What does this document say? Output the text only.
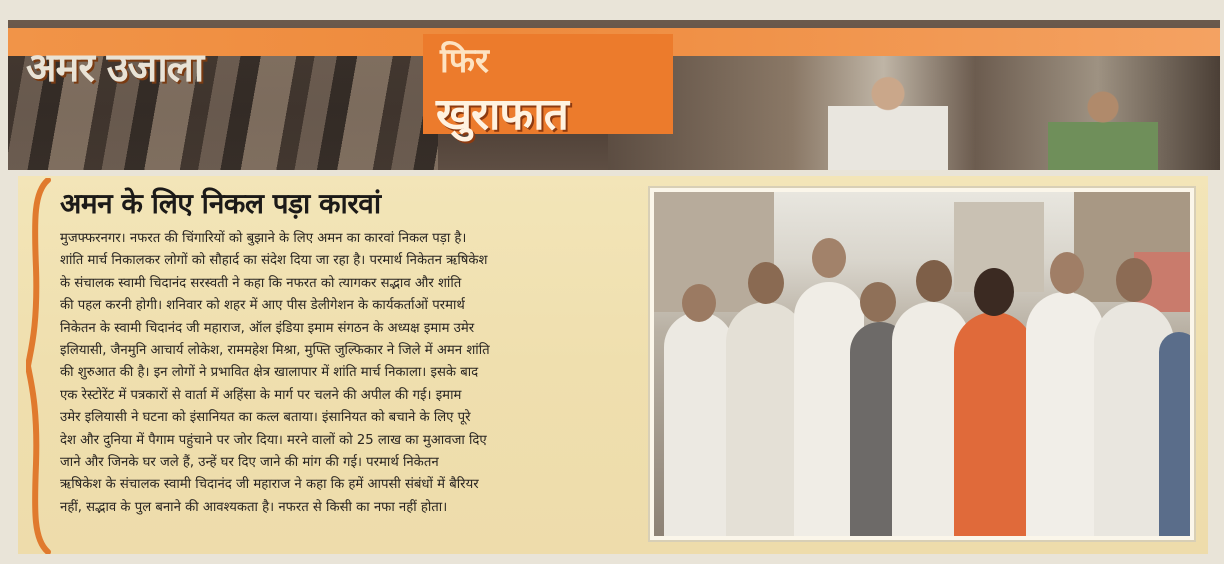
अमर उजाला	फिर
खुराफात
अमन के लिए निकल पड़ा कारवां
मुजफ्फरनगर। नफरत की चिंगारियों को बुझाने के लिए अमन का कारवां निकल पड़ा है।
शांति मार्च निकालकर लोगों को सौहार्द का संदेश दिया जा रहा है। परमार्थ निकेतन ऋषिकेश
के संचालक स्वामी चिदानंद सरस्वती ने कहा कि नफरत को त्यागकर सद्भाव और शांति
की पहल करनी होगी। शनिवार को शहर में आए पीस डेलीगेशन के कार्यकर्ताओं परमार्थ
निकेतन के स्वामी चिदानंद जी महाराज, ऑल इंडिया इमाम संगठन के अध्यक्ष इमाम उमेर
इलियासी, जैनमुनि आचार्य लोकेश, राममहेश मिश्रा, मुफ्ति जुल्फिकार ने जिले में अमन शांति
की शुरुआत की है। इन लोगों ने प्रभावित क्षेत्र खालापार में शांति मार्च निकाला। इसके बाद
एक रेस्टोरेंट में पत्रकारों से वार्ता में अहिंसा के मार्ग पर चलने की अपील की गई। इमाम
उमेर इलियासी ने घटना को इंसानियत का कत्ल बताया। इंसानियत को बचाने के लिए पूरे
देश और दुनिया में पैगाम पहुंचाने पर जोर दिया। मरने वालों को 25 लाख का मुआवजा दिए
जाने और जिनके घर जले हैं, उन्हें घर दिए जाने की मांग की गई। परमार्थ निकेतन
ऋषिकेश के संचालक स्वामी चिदानंद जी महाराज ने कहा कि हमें आपसी संबंधों में बैरियर
नहीं, सद्भाव के पुल बनाने की आवश्यकता है। नफरत से किसी का नफा नहीं होता।
